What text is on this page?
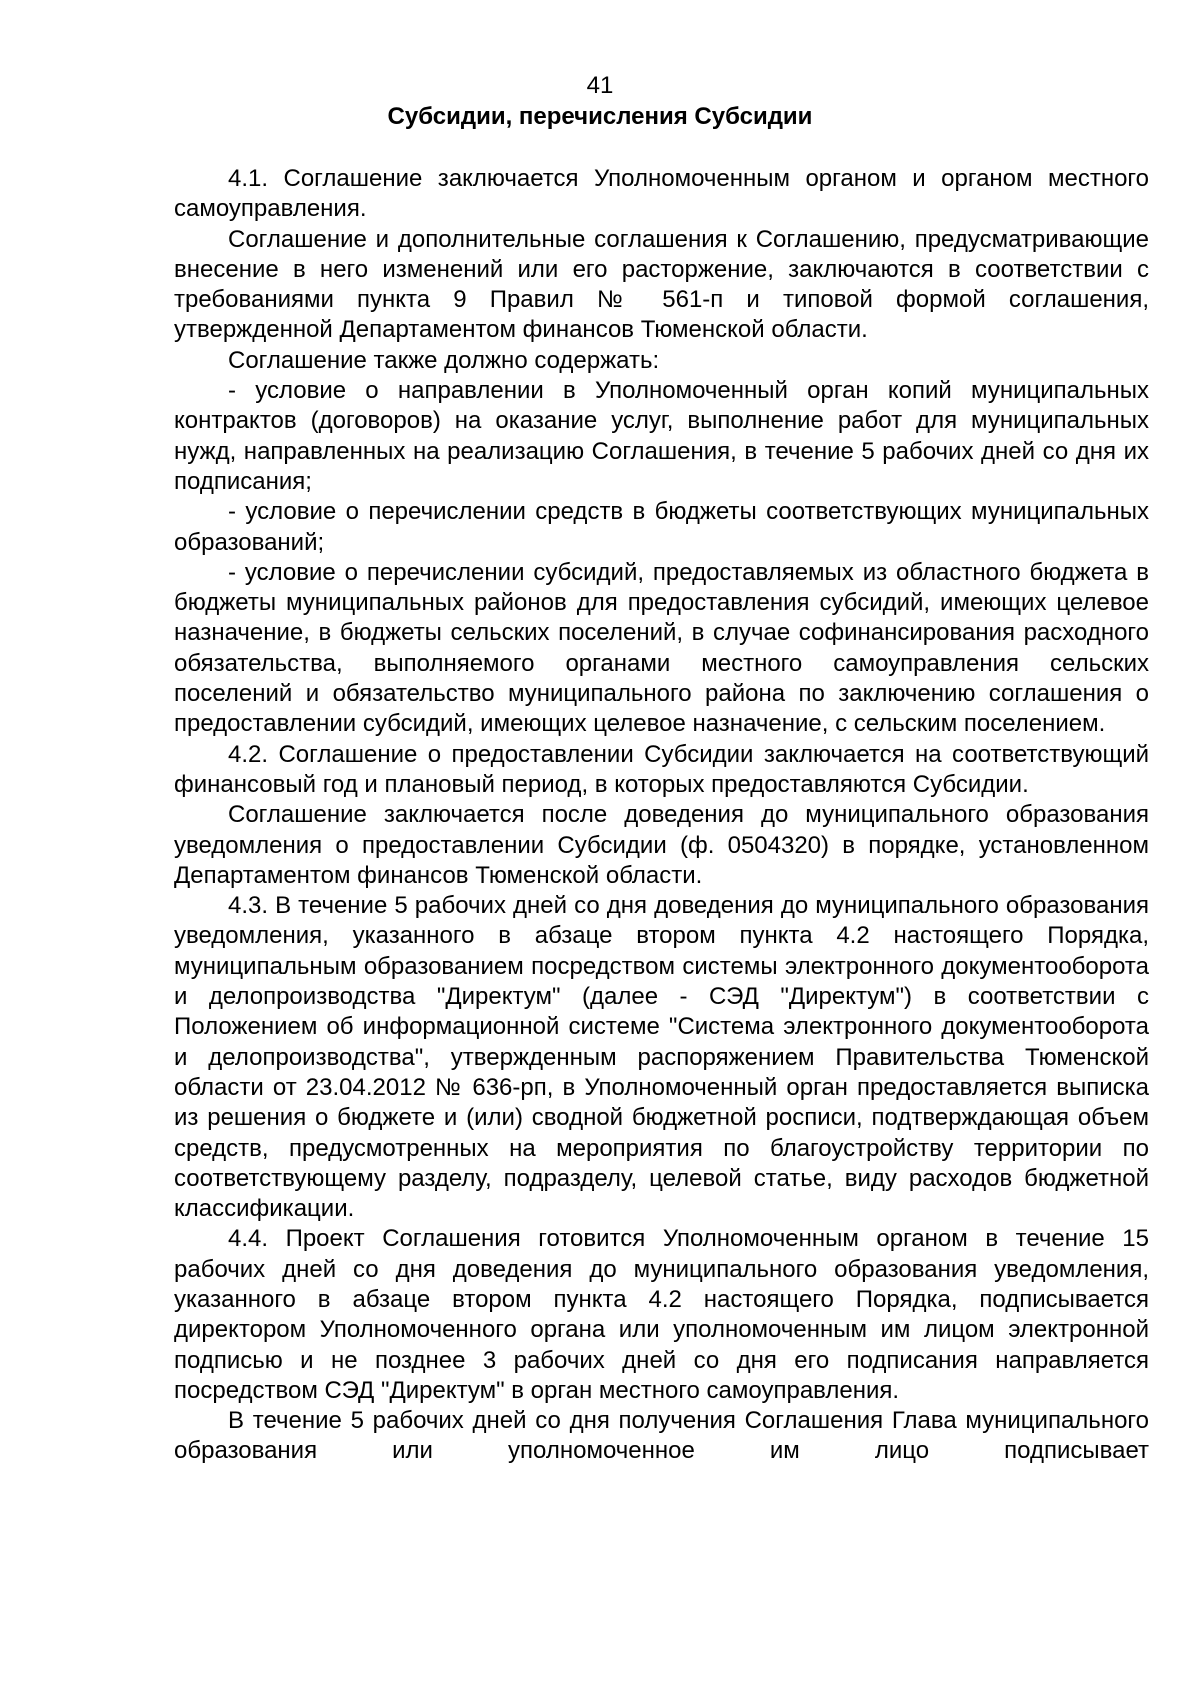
41
Субсидии, перечисления Субсидии

4.1. Соглашение заключается Уполномоченным органом и органом местного самоуправления.

Соглашение и дополнительные соглашения к Соглашению, предусматривающие внесение в него изменений или его расторжение, заключаются в соответствии с требованиями пункта 9 Правил № 561-п и типовой формой соглашения, утвержденной Департаментом финансов Тюменской области.

Соглашение также должно содержать:

- условие о направлении в Уполномоченный орган копий муниципальных контрактов (договоров) на оказание услуг, выполнение работ для муниципальных нужд, направленных на реализацию Соглашения, в течение 5 рабочих дней со дня их подписания;

- условие о перечислении средств в бюджеты соответствующих муниципальных образований;

- условие о перечислении субсидий, предоставляемых из областного бюджета в бюджеты муниципальных районов для предоставления субсидий, имеющих целевое назначение, в бюджеты сельских поселений, в случае софинансирования расходного обязательства, выполняемого органами местного самоуправления сельских поселений и обязательство муниципального района по заключению соглашения о предоставлении субсидий, имеющих целевое назначение, с сельским поселением.

4.2. Соглашение о предоставлении Субсидии заключается на соответствующий финансовый год и плановый период, в которых предоставляются Субсидии.

Соглашение заключается после доведения до муниципального образования уведомления о предоставлении Субсидии (ф. 0504320) в порядке, установленном Департаментом финансов Тюменской области.

4.3. В течение 5 рабочих дней со дня доведения до муниципального образования уведомления, указанного в абзаце втором пункта 4.2 настоящего Порядка, муниципальным образованием посредством системы электронного документооборота и делопроизводства "Директум" (далее - СЭД "Директум") в соответствии с Положением об информационной системе "Система электронного документооборота и делопроизводства", утвержденным распоряжением Правительства Тюменской области от 23.04.2012 № 636-рп, в Уполномоченный орган предоставляется выписка из решения о бюджете и (или) сводной бюджетной росписи, подтверждающая объем средств, предусмотренных на мероприятия по благоустройству территории по соответствующему разделу, подразделу, целевой статье, виду расходов бюджетной классификации.

4.4. Проект Соглашения готовится Уполномоченным органом в течение 15 рабочих дней со дня доведения до муниципального образования уведомления, указанного в абзаце втором пункта 4.2 настоящего Порядка, подписывается директором Уполномоченного органа или уполномоченным им лицом электронной подписью и не позднее 3 рабочих дней со дня его подписания направляется посредством СЭД "Директум" в орган местного самоуправления.

В течение 5 рабочих дней со дня получения Соглашения Глава муниципального образования или уполномоченное им лицо подписывает
